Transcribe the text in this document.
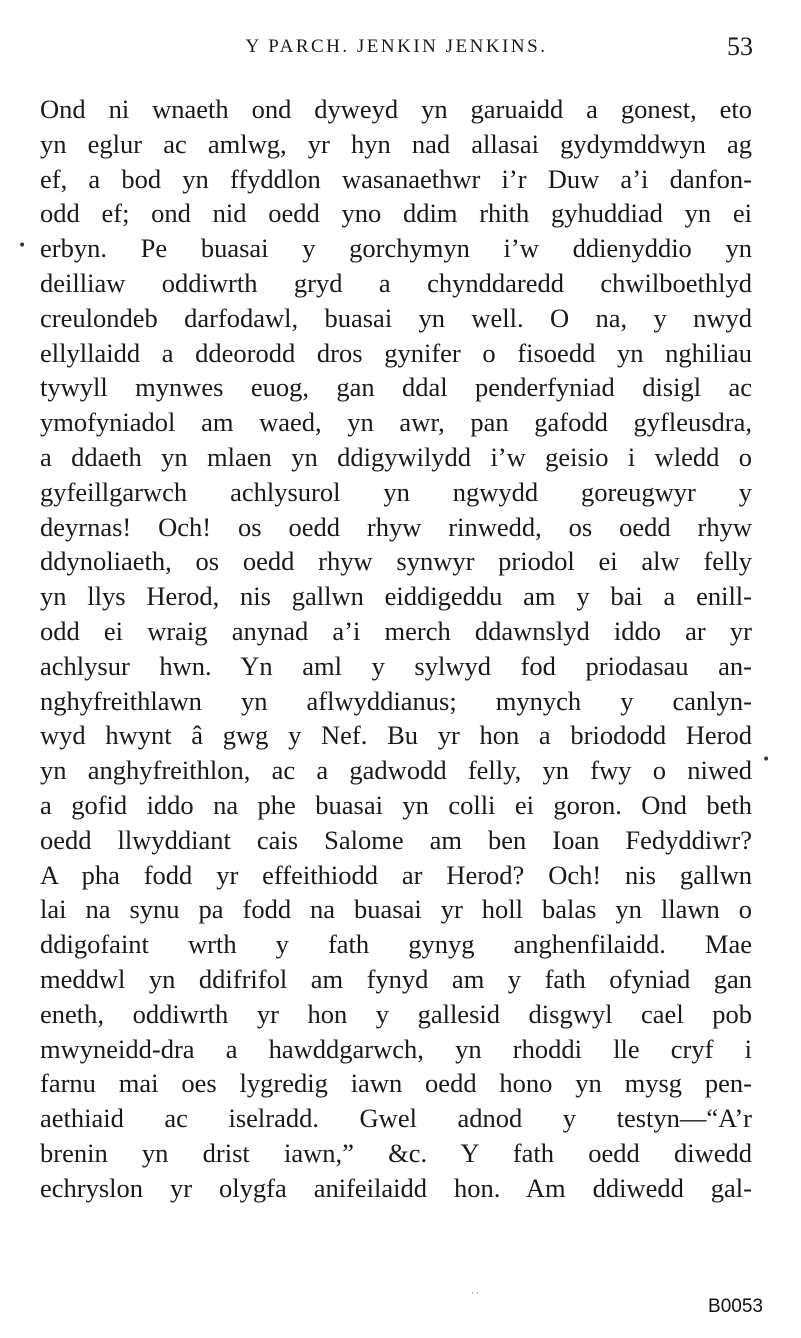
Y PARCH. JENKIN JENKINS.	53
Ond ni wnaeth ond dyweyd yn garuaidd a gonest, eto
yn eglur ac amlwg, yr hyn nad allasai gydymddwyn ag
ef, a bod yn ffyddlon wasanaethwr i’r Duw a’i danfon-
odd ef; ond nid oedd yno ddim rhith gyhuddiad yn ei
erbyn. Pe buasai y gorchymyn i’w ddienyddio yn
deilliaw oddiwrth gryd a chynddaredd chwilboethlyd
creulondeb darfodawl, buasai yn well. O na, y nwyd
ellyllaidd a ddeorodd dros gynifer o fisoedd yn nghiliau
tywyll mynwes euog, gan ddal penderfyniad disigl ac
ymofyniadol am waed, yn awr, pan gafodd gyfleusdra,
a ddaeth yn mlaen yn ddigywilydd i’w geisio i wledd o
gyfeillgarwch achlysurol yn ngwydd goreugwyr y
deyrnas! Och! os oedd rhyw rinwedd, os oedd rhyw
ddynoliaeth, os oedd rhyw synwyr priodol ei alw felly
yn llys Herod, nis gallwn eiddigeddu am y bai a enill-
odd ei wraig anynad a’i merch ddawnslyd iddo ar yr
achlysur hwn. Yn aml y sylwyd fod priodasau an-
nghyfreithlawn yn aflwyddianus; mynych y canlyn-
wyd hwynt â gwg y Nef. Bu yr hon a briododd Herod
yn anghyfreithlon, ac a gadwodd felly, yn fwy o niwed
a gofid iddo na phe buasai yn colli ei goron. Ond beth
oedd llwyddiant cais Salome am ben Ioan Fedyddiwr?
A pha fodd yr effeithiodd ar Herod? Och! nis gallwn
lai na synu pa fodd na buasai yr holl balas yn llawn o
ddigofaint wrth y fath gynyg anghenfilaidd. Mae
meddwl yn ddifrifol am fynyd am y fath ofyniad gan
eneth, oddiwrth yr hon y gallesid disgwyl cael pob
mwyneidd-dra a hawddgarwch, yn rhoddi lle cryf i
farnu mai oes lygredig iawn oedd hono yn mysg pen-
aethiaid ac iselradd. Gwel adnod y testyn—“A’r
brenin yn drist iawn,” &c. Y fath oedd diwedd
echryslon yr olygfa anifeilaidd hon. Am ddiwedd gal-
•
•
˙˙	B0053
